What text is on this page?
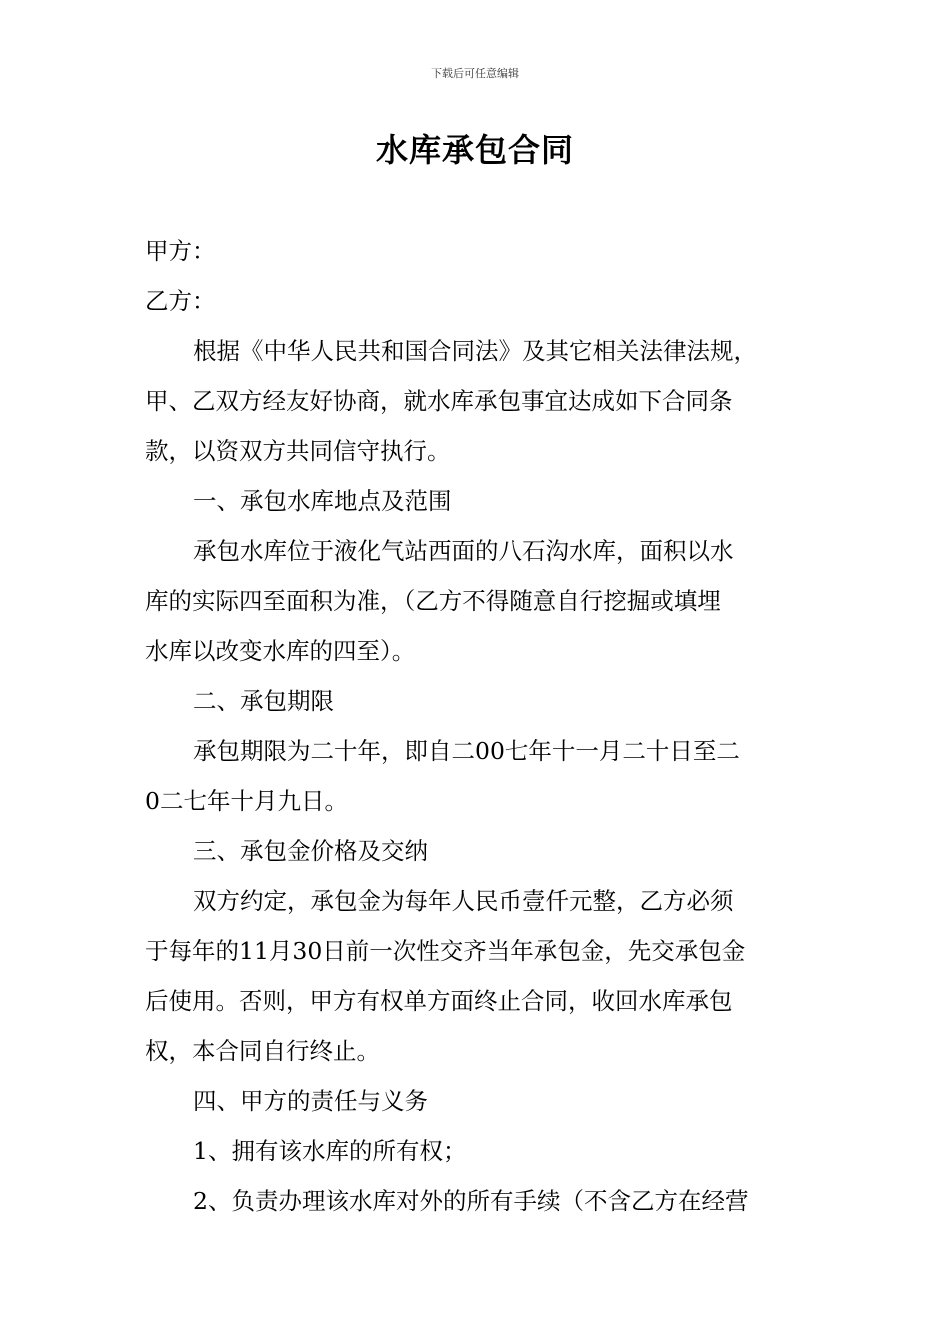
下载后可任意编辑
水库承包合同
甲方：
乙方：
根据《中华人民共和国合同法》及其它相关法律法规，
甲、乙双方经友好协商，就水库承包事宜达成如下合同条
款，以资双方共同信守执行。
一、承包水库地点及范围
承包水库位于液化气站西面的八石沟水库，面积以水
库的实际四至面积为准，（乙方不得随意自行挖掘或填埋
水库以改变水库的四至）。
二、承包期限
承包期限为二十年，即自二00七年十一月二十日至二
0二七年十月九日。
三、承包金价格及交纳
双方约定，承包金为每年人民币壹仟元整，乙方必须
于每年的11月30日前一次性交齐当年承包金，先交承包金
后使用。否则，甲方有权单方面终止合同，收回水库承包
权，本合同自行终止。
四、甲方的责任与义务
1、拥有该水库的所有权；
2、负责办理该水库对外的所有手续（不含乙方在经营
